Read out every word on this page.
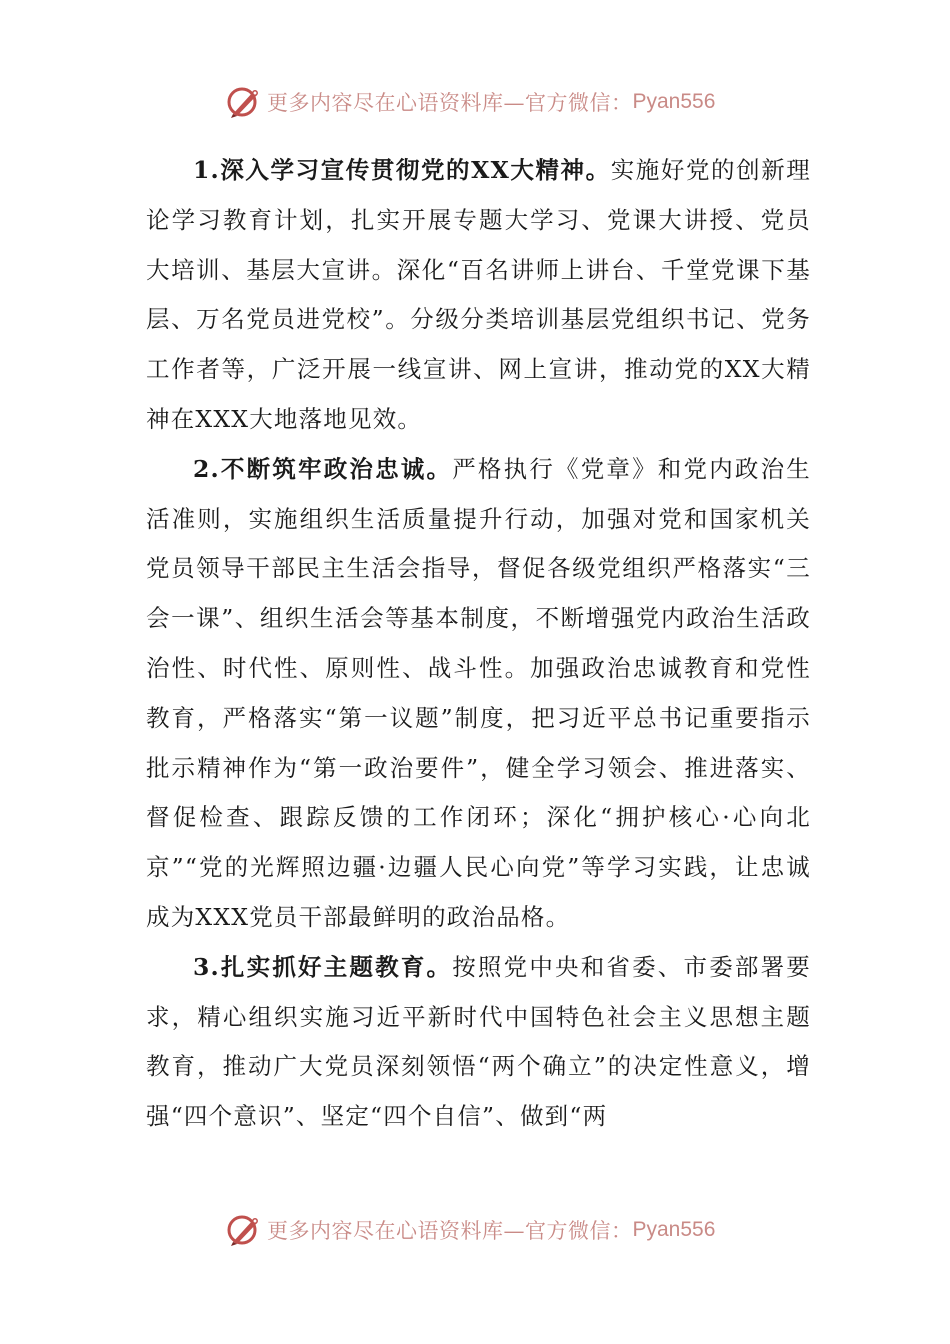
更多内容尽在心语资料库—官方微信： Pyan556

1.深入学习宣传贯彻党的XX大精神。实施好党的创新理论学习教育计划，扎实开展专题大学习、党课大讲授、党员大培训、基层大宣讲。深化“百名讲师上讲台、千堂党课下基层、万名党员进党校”。分级分类培训基层党组织书记、党务工作者等，广泛开展一线宣讲、网上宣讲，推动党的XX大精神在XXX大地落地见效。

2.不断筑牢政治忠诚。严格执行《党章》和党内政治生活准则，实施组织生活质量提升行动，加强对党和国家机关党员领导干部民主生活会指导，督促各级党组织严格落实“三会一课”、组织生活会等基本制度，不断增强党内政治生活政治性、时代性、原则性、战斗性。加强政治忠诚教育和党性教育，严格落实“第一议题”制度，把习近平总书记重要指示批示精神作为“第一政治要件”，健全学习领会、推进落实、督促检查、跟踪反馈的工作闭环；深化“拥护核心·心向北京”“党的光辉照边疆·边疆人民心向党”等学习实践，让忠诚成为XXX党员干部最鲜明的政治品格。

3.扎实抓好主题教育。按照党中央和省委、市委部署要求，精心组织实施习近平新时代中国特色社会主义思想主题教育，推动广大党员深刻领悟“两个确立”的决定性意义，增强“四个意识”、坚定“四个自信”、做到“两

更多内容尽在心语资料库—官方微信： Pyan556
